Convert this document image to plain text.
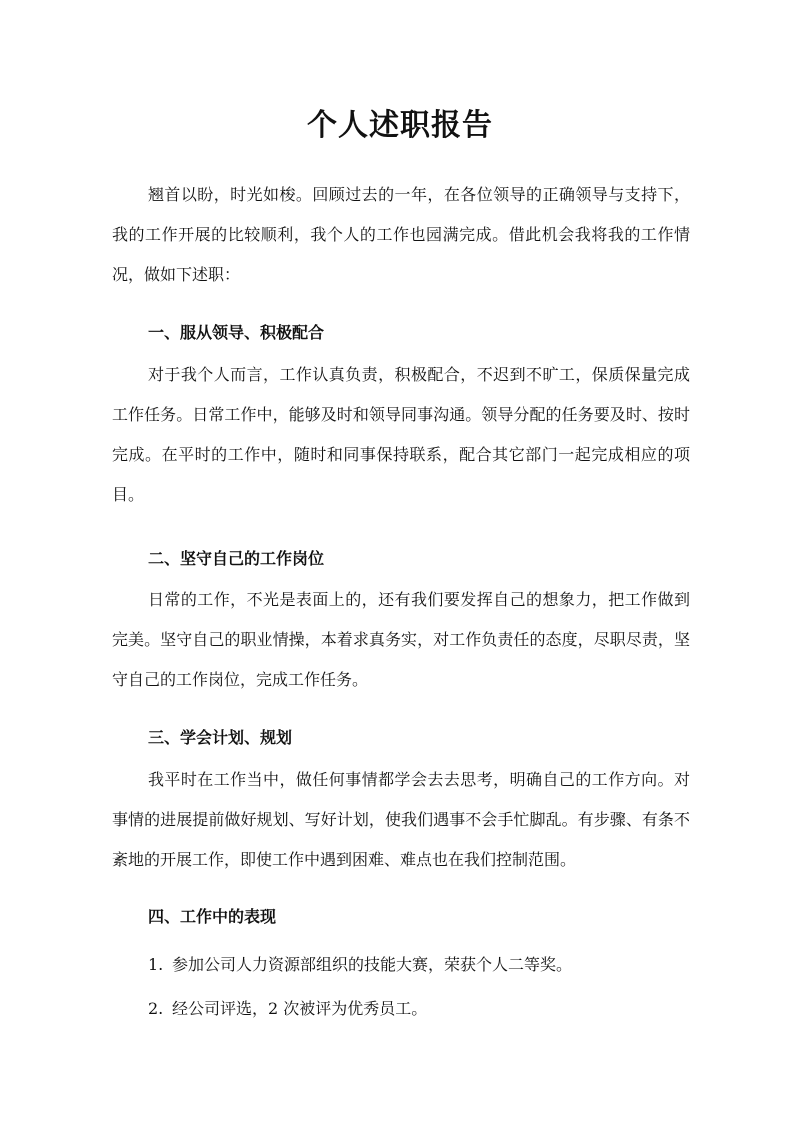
个人述职报告
翘首以盼，时光如梭。回顾过去的一年，在各位领导的正确领导与支持下，我的工作开展的比较顺利，我个人的工作也园满完成。借此机会我将我的工作情况，做如下述职：
一、服从领导、积极配合
对于我个人而言，工作认真负责，积极配合，不迟到不旷工，保质保量完成工作任务。日常工作中，能够及时和领导同事沟通。领导分配的任务要及时、按时完成。在平时的工作中，随时和同事保持联系，配合其它部门一起完成相应的项目。
二、坚守自己的工作岗位
日常的工作，不光是表面上的，还有我们要发挥自己的想象力，把工作做到完美。坚守自己的职业情操，本着求真务实，对工作负责任的态度，尽职尽责，坚守自己的工作岗位，完成工作任务。
三、学会计划、规划
我平时在工作当中，做任何事情都学会去去思考，明确自己的工作方向。对事情的进展提前做好规划、写好计划，使我们遇事不会手忙脚乱。有步骤、有条不紊地的开展工作，即使工作中遇到困难、难点也在我们控制范围。
四、工作中的表现
1. 参加公司人力资源部组织的技能大赛，荣获个人二等奖。
2. 经公司评选，2 次被评为优秀员工。
